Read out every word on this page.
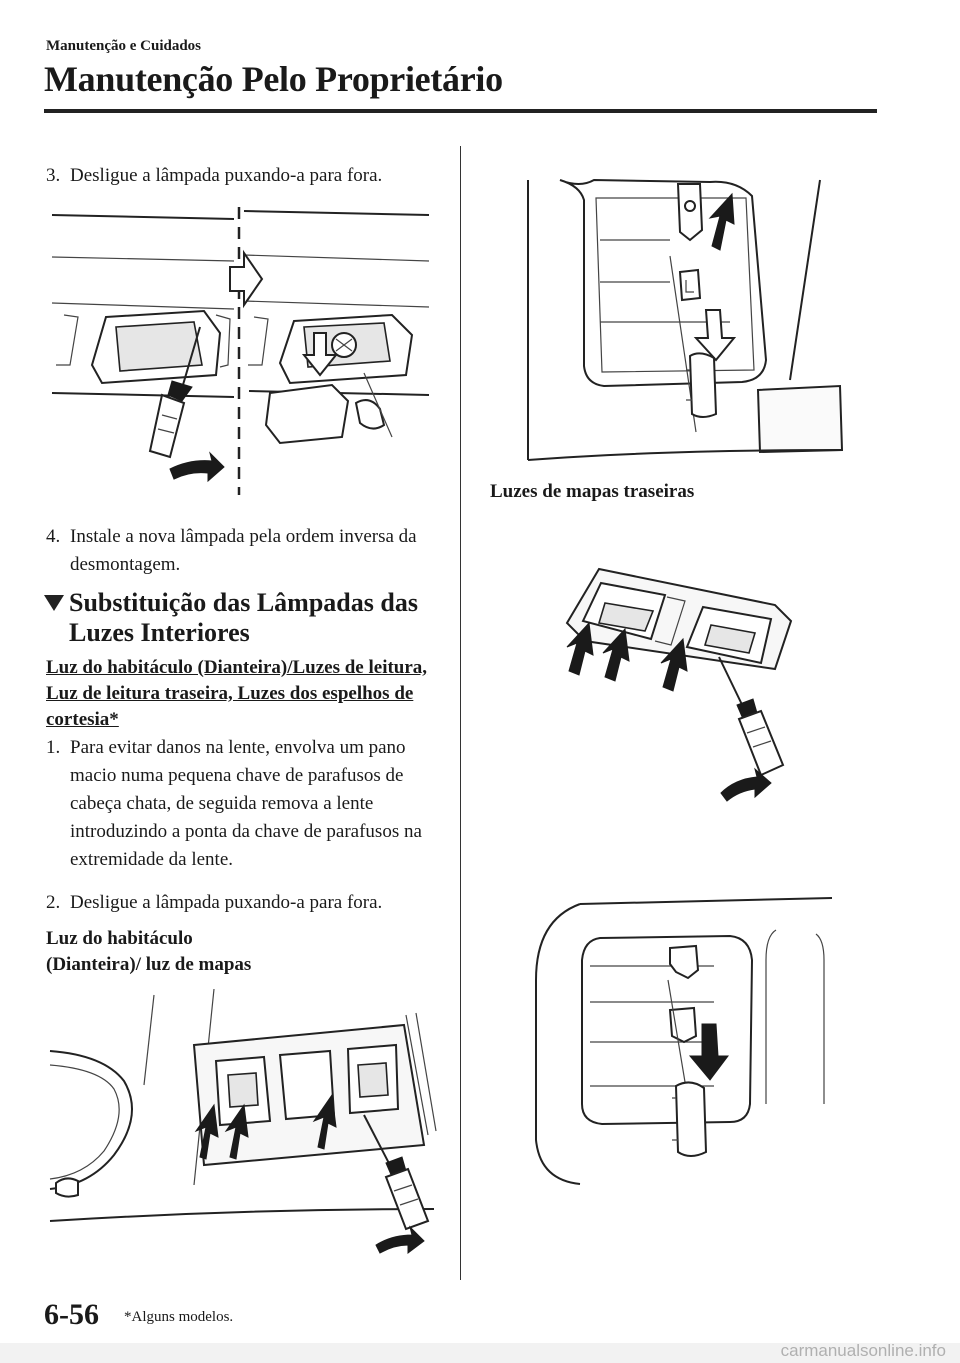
Manutenção e Cuidados
Manutenção Pelo Proprietário
3. Desligue a lâmpada puxando-a para fora.
4. Instale a nova lâmpada pela ordem inversa da desmontagem.
Substituição das Lâmpadas das Luzes Interiores
Luz do habitáculo (Dianteira)/Luzes de leitura, Luz de leitura traseira, Luzes dos espelhos de cortesia*
1. Para evitar danos na lente, envolva um pano macio numa pequena chave de parafusos de cabeça chata, de seguida remova a lente introduzindo a ponta da chave de parafusos na extremidade da lente.
2. Desligue a lâmpada puxando-a para fora.
Luz do habitáculo (Dianteira)/ luz de mapas
Luzes de mapas traseiras
6-56 *Alguns modelos.
carmanualsonline.info
